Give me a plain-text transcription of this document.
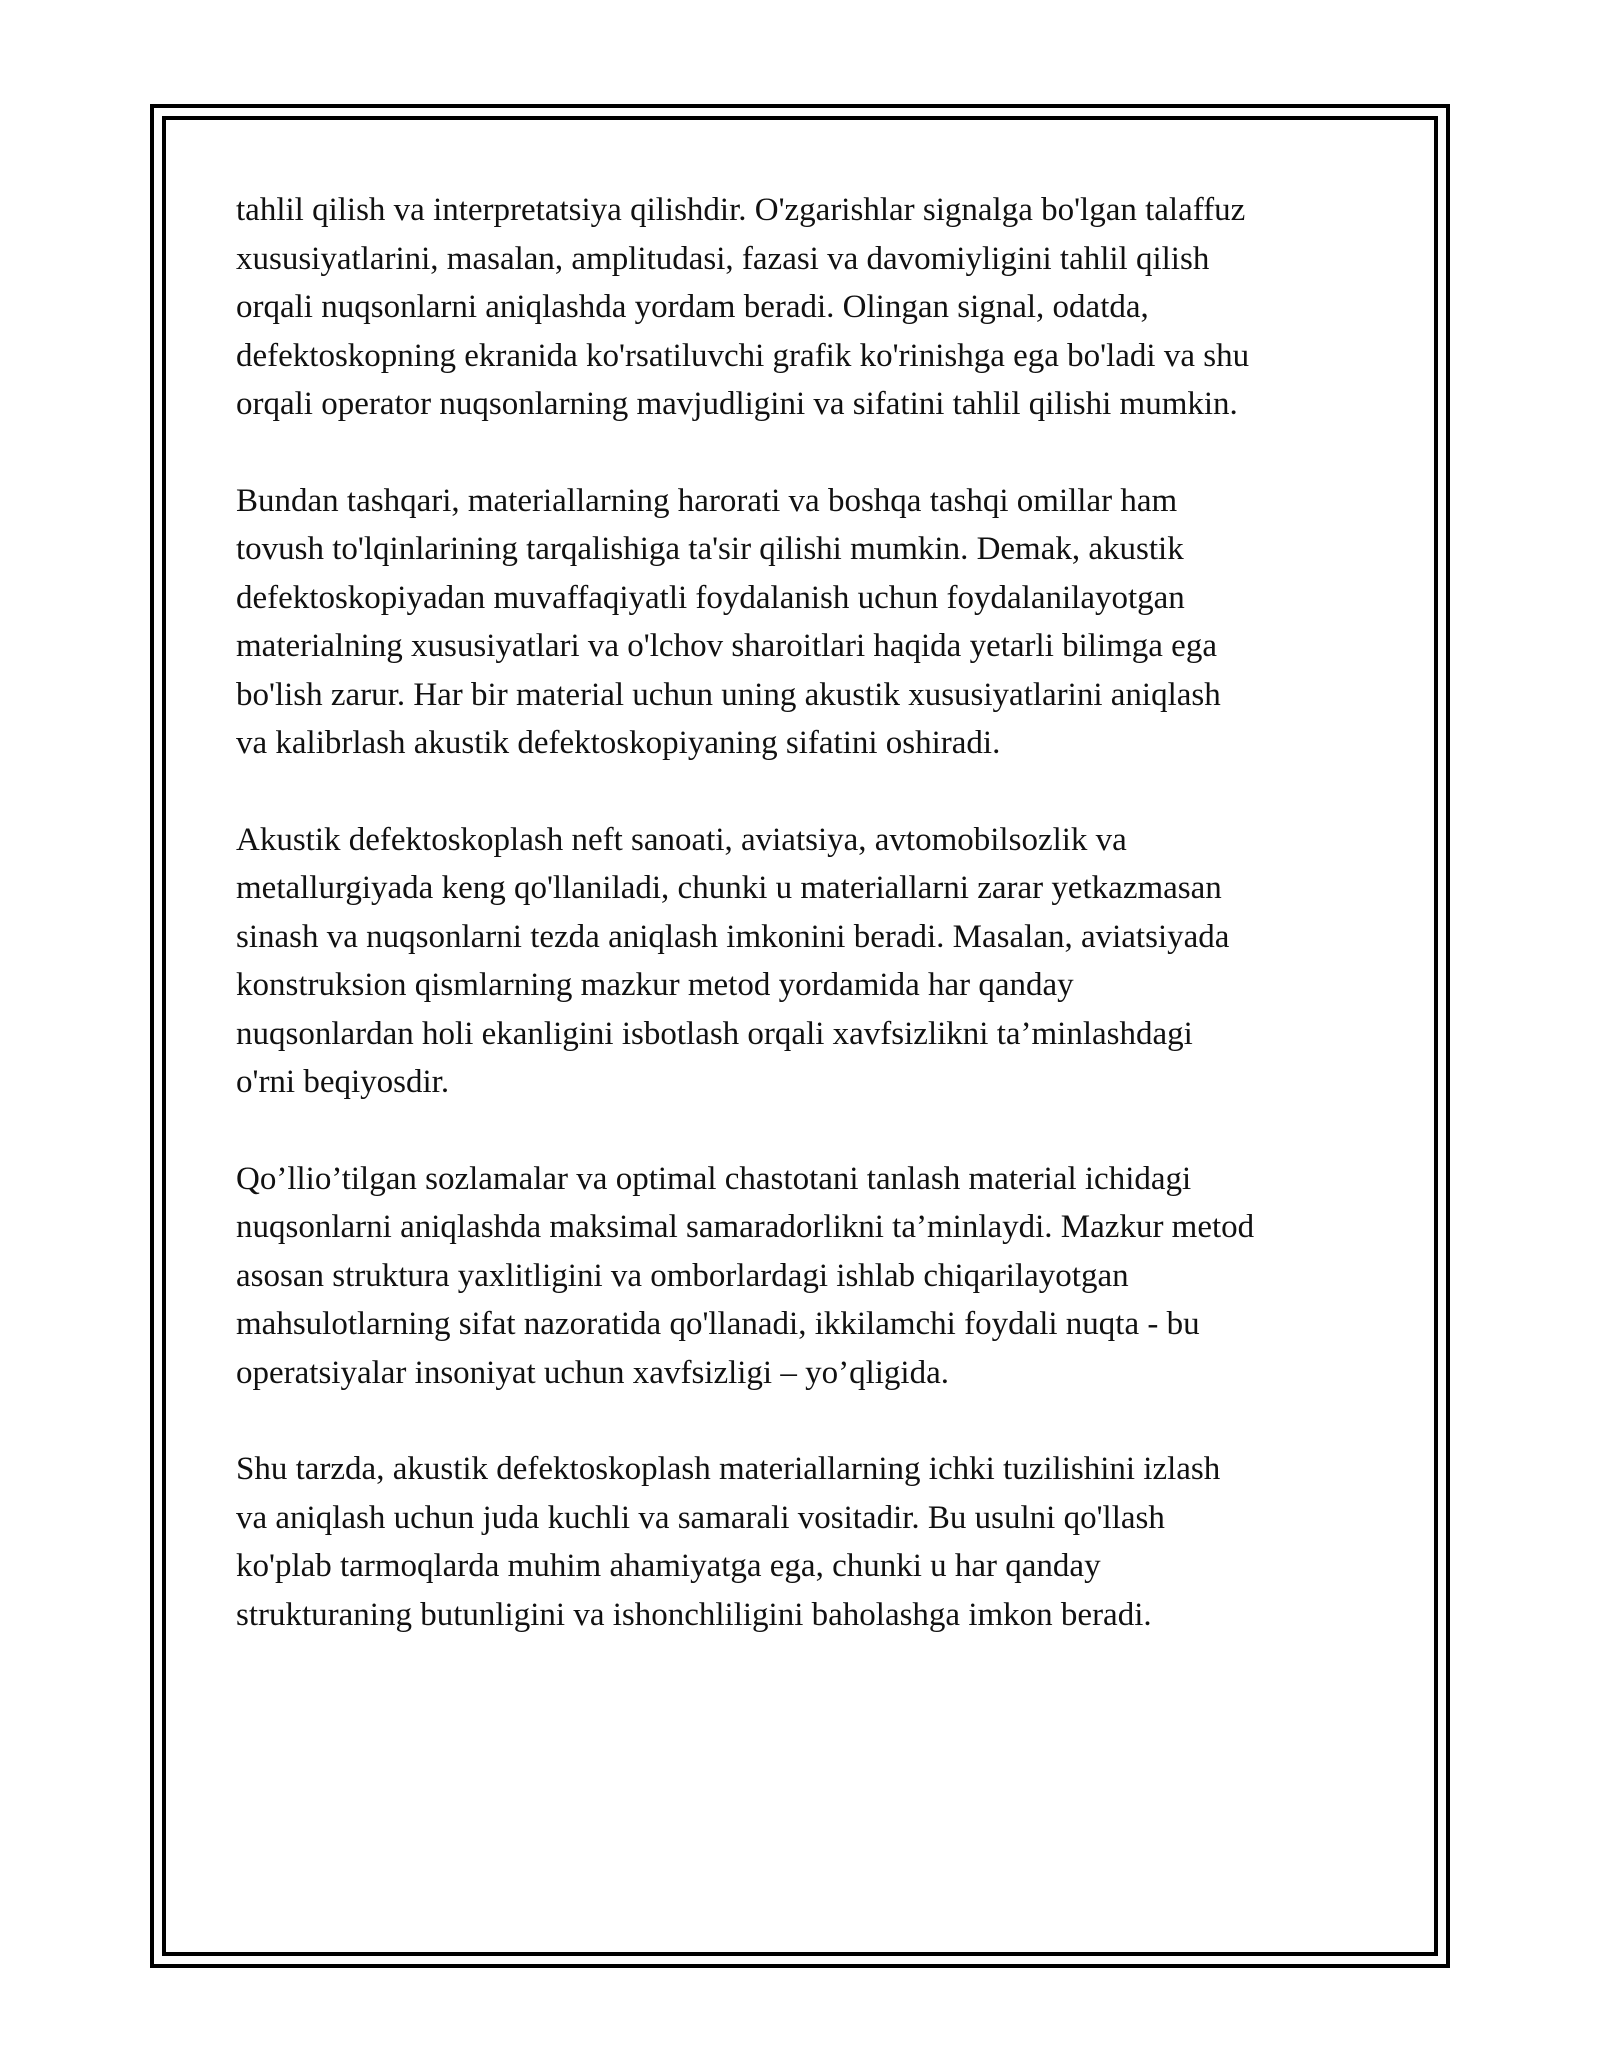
tahlil qilish va interpretatsiya qilishdir. O'zgarishlar signalga bo'lgan talaffuz
xususiyatlarini, masalan, amplitudasi, fazasi va davomiyligini tahlil qilish
orqali nuqsonlarni aniqlashda yordam beradi. Olingan signal, odatda,
defektoskopning ekranida ko'rsatiluvchi grafik ko'rinishga ega bo'ladi va shu
orqali operator nuqsonlarning mavjudligini va sifatini tahlil qilishi mumkin.

Bundan tashqari, materiallarning harorati va boshqa tashqi omillar ham
tovush to'lqinlarining tarqalishiga ta'sir qilishi mumkin. Demak, akustik
defektoskopiyadan muvaffaqiyatli foydalanish uchun foydalanilayotgan
materialning xususiyatlari va o'lchov sharoitlari haqida yetarli bilimga ega
bo'lish zarur. Har bir material uchun uning akustik xususiyatlarini aniqlash
va kalibrlash akustik defektoskopiyaning sifatini oshiradi.

Akustik defektoskoplash neft sanoati, aviatsiya, avtomobilsozlik va
metallurgiyada keng qo'llaniladi, chunki u materiallarni zarar yetkazmasan
sinash va nuqsonlarni tezda aniqlash imkonini beradi. Masalan, aviatsiyada
konstruksion qismlarning mazkur metod yordamida har qanday
nuqsonlardan holi ekanligini isbotlash orqali xavfsizlikni ta’minlashdagi
o'rni beqiyosdir.

Qo’llio’tilgan sozlamalar va optimal chastotani tanlash material ichidagi
nuqsonlarni aniqlashda maksimal samaradorlikni ta’minlaydi. Mazkur metod
asosan struktura yaxlitligini va omborlardagi ishlab chiqarilayotgan
mahsulotlarning sifat nazoratida qo'llanadi, ikkilamchi foydali nuqta - bu
operatsiyalar insoniyat uchun xavfsizligi – yo’qligida.

Shu tarzda, akustik defektoskoplash materiallarning ichki tuzilishini izlash
va aniqlash uchun juda kuchli va samarali vositadir. Bu usulni qo'llash
ko'plab tarmoqlarda muhim ahamiyatga ega, chunki u har qanday
strukturaning butunligini va ishonchliligini baholashga imkon beradi.
